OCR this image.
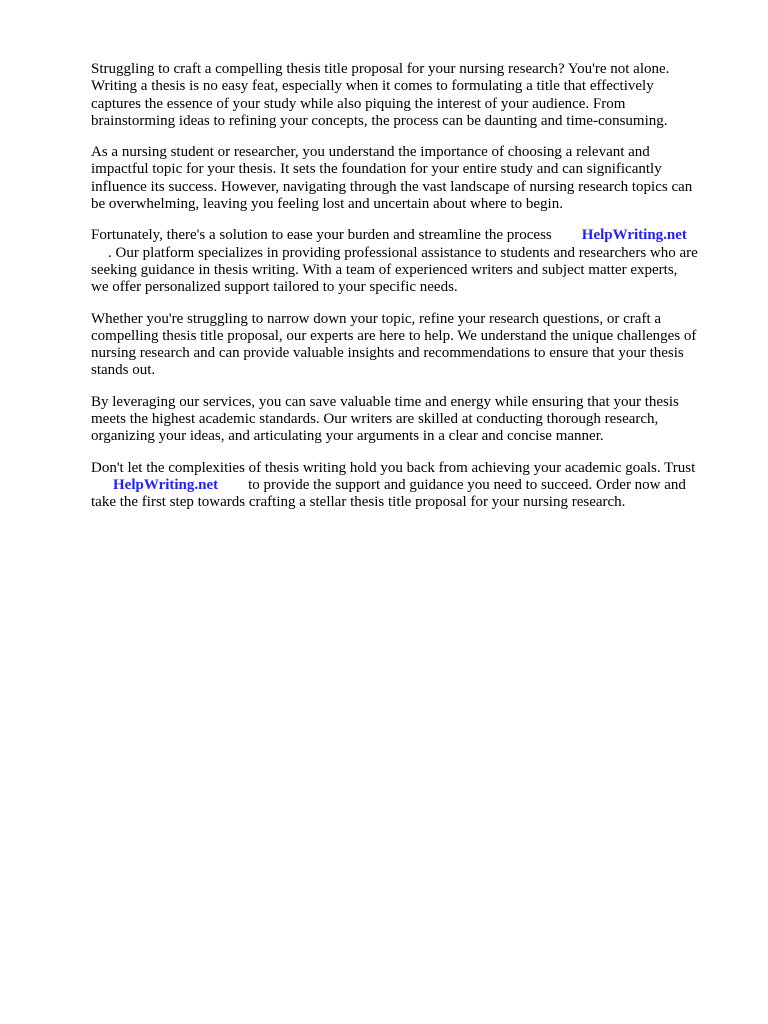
Struggling to craft a compelling thesis title proposal for your nursing research? You're not alone.
Writing a thesis is no easy feat, especially when it comes to formulating a title that effectively
captures the essence of your study while also piquing the interest of your audience. From
brainstorming ideas to refining your concepts, the process can be daunting and time-consuming.

As a nursing student or researcher, you understand the importance of choosing a relevant and
impactful topic for your thesis. It sets the foundation for your entire study and can significantly
influence its success. However, navigating through the vast landscape of nursing research topics can
be overwhelming, leaving you feeling lost and uncertain about where to begin.

Fortunately, there's a solution to ease your burden and streamline the process HelpWriting.net
. Our platform specializes in providing professional assistance to students and researchers who are
seeking guidance in thesis writing. With a team of experienced writers and subject matter experts,
we offer personalized support tailored to your specific needs.

Whether you're struggling to narrow down your topic, refine your research questions, or craft a
compelling thesis title proposal, our experts are here to help. We understand the unique challenges of
nursing research and can provide valuable insights and recommendations to ensure that your thesis
stands out.

By leveraging our services, you can save valuable time and energy while ensuring that your thesis
meets the highest academic standards. Our writers are skilled at conducting thorough research,
organizing your ideas, and articulating your arguments in a clear and concise manner.

Don't let the complexities of thesis writing hold you back from achieving your academic goals. Trust
HelpWriting.net to provide the support and guidance you need to succeed. Order now and
take the first step towards crafting a stellar thesis title proposal for your nursing research.
